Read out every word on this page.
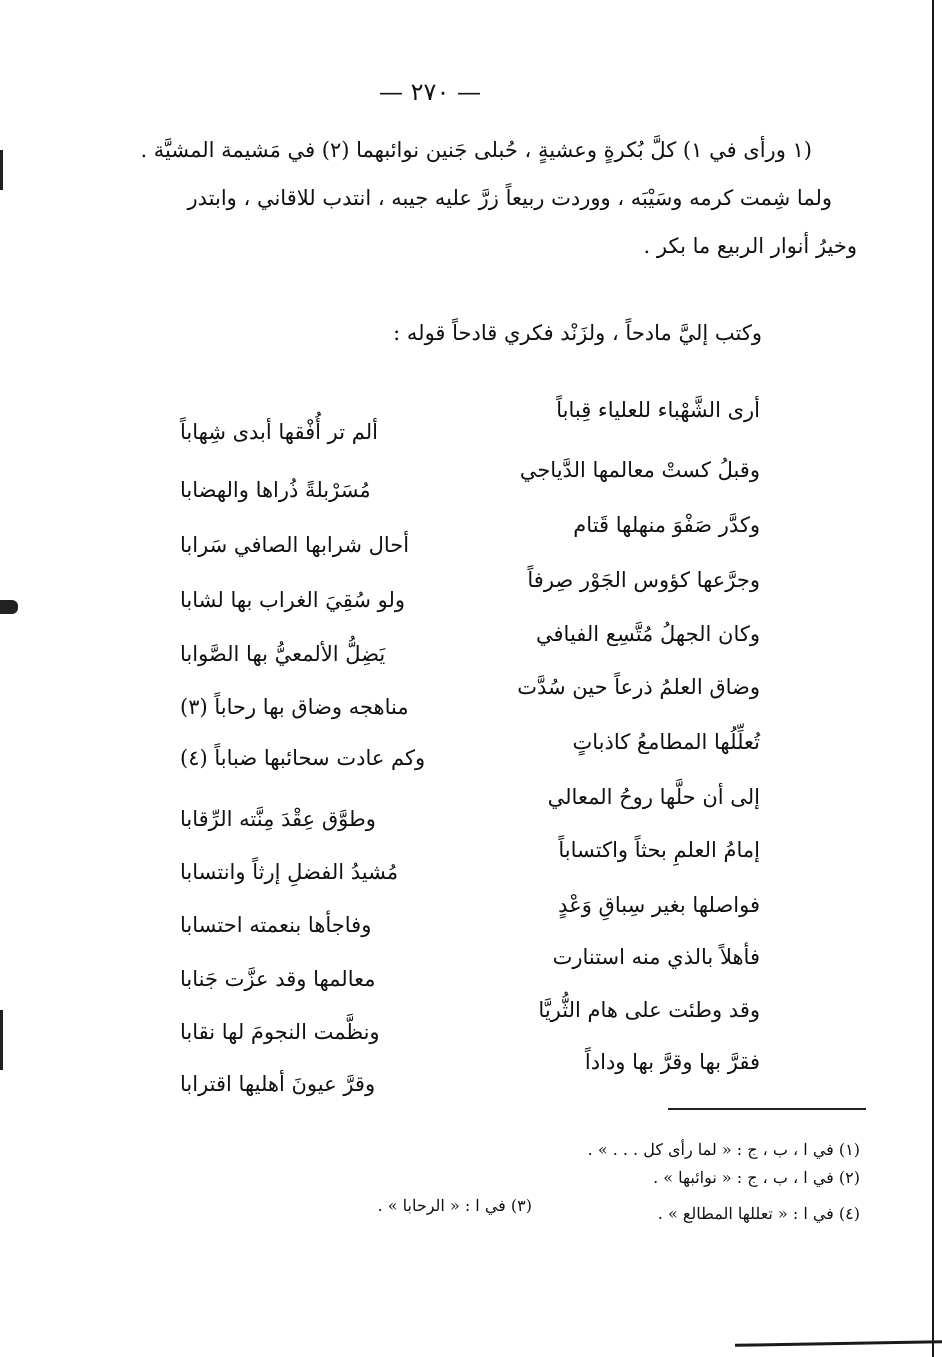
— ٢٧٠ —
(١ ورأى في ١) كلَّ بُكرةٍ وعشيةٍ ، حُبلى جَنين نوائبهما (٢) في مَشيمة المشيَّة .
ولما شِمت كرمه وسَيْبَه ، ووردت ربيعاً زرَّ عليه جيبه ، انتدب للاقاني ، وابتدر
وخيرُ أنوار الربيع ما بكر .
وكتب إليَّ مادحاً ، ولزَنْد فكري قادحاً قوله :
أرى الشَّهْباء للعلياء قِباباً
ألم تر أُفْقها أبدى شِهاباً
وقبلُ كستْ معالمها الدَّياجي
مُسَرْبلةً ذُراها والهضابا
وكدَّر صَفْوَ منهلها قَتام
أحال شرابها الصافي سَرابا
وجرَّعها كؤوس الجَوْر صِرفاً
ولو سُقِيَ الغراب بها لشابا
وكان الجهلُ مُتَّسِع الفيافي
يَضِلُّ الألمعيُّ بها الصَّوابا
وضاق العلمُ ذرعاً حين سُدَّت
مناهجه وضاق بها رحاباً (٣)
تُعلِّلُها المطامعُ كاذباتٍ
وكم عادت سحائبها ضباباً (٤)
إلى أن حلَّها روحُ المعالي
وطوَّق عِقْدَ مِنَّته الرِّقابا
إمامُ العلمِ بحثاً واكتساباً
مُشيدُ الفضلِ إرثاً وانتسابا
فواصلها بغير سِباقِ وَعْدٍ
وفاجأها بنعمته احتسابا
فأهلاً بالذي منه استنارت
معالمها وقد عزَّت جَنابا
وقد وطئت على هام الثُّريَّا
ونظَّمت النجومَ لها نقابا
فقرَّ بها وقرَّ بها وداداً
وقرَّ عيونَ أهليها اقترابا
(١) في ا ، ب ، ج : « لما رأى كل . . . » .
(٢) في ا ، ب ، ج : « نوائبها » .
(٣) في ا : « الرحابا » .	(٤) في ا : « تعللها المطالع » .
